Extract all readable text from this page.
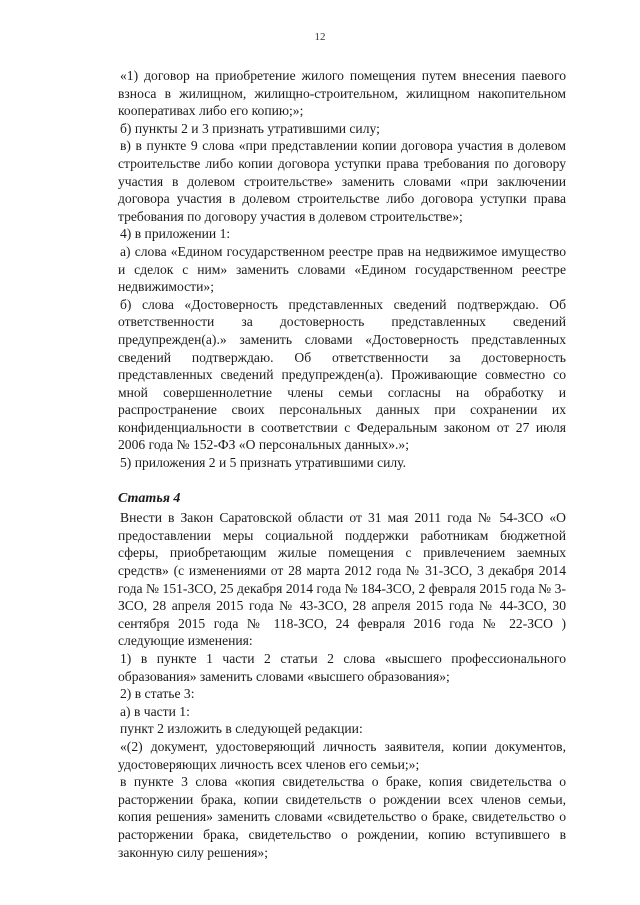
12

«1) договор на приобретение жилого помещения путем внесения паевого взноса в жилищном, жилищно-строительном, жилищном накопительном кооперативах либо его копию;»;

б) пункты 2 и 3 признать утратившими силу;

в) в пункте 9 слова «при представлении копии договора участия в долевом строительстве либо копии договора уступки права требования по договору участия в долевом строительстве» заменить словами «при заключении договора участия в долевом строительстве либо договора уступки права требования по договору участия в долевом строительстве»;

4) в приложении 1:

а) слова «Едином государственном реестре прав на недвижимое имущество и сделок с ним» заменить словами «Едином государственном реестре недвижимости»;

б) слова «Достоверность представленных сведений подтверждаю. Об ответственности за достоверность представленных сведений предупрежден(а).» заменить словами «Достоверность представленных сведений подтверждаю. Об ответственности за достоверность представленных сведений предупрежден(а). Проживающие совместно со мной совершеннолетние члены семьи согласны на обработку и распространение своих персональных данных при сохранении их конфиденциальности в соответствии с Федеральным законом от 27 июля 2006 года № 152-ФЗ «О персональных данных».»;

5) приложения 2 и 5 признать утратившими силу.

Статья 4

Внести в Закон Саратовской области от 31 мая 2011 года № 54-ЗСО «О предоставлении меры социальной поддержки работникам бюджетной сферы, приобретающим жилые помещения с привлечением заемных средств» (с изменениями от 28 марта 2012 года № 31-ЗСО, 3 декабря 2014 года № 151-ЗСО, 25 декабря 2014 года № 184-ЗСО, 2 февраля 2015 года № 3-ЗСО, 28 апреля 2015 года № 43-ЗСО, 28 апреля 2015 года № 44-ЗСО, 30 сентября 2015 года № 118-ЗСО, 24 февраля 2016 года № 22-ЗСО ) следующие изменения:

1) в пункте 1 части 2 статьи 2 слова «высшего профессионального образования» заменить словами «высшего образования»;

2) в статье 3:

а) в части 1:

пункт 2 изложить в следующей редакции:

«(2) документ, удостоверяющий личность заявителя, копии документов, удостоверяющих личность всех членов его семьи;»;

в пункте 3 слова «копия свидетельства о браке, копия свидетельства о расторжении брака, копии свидетельств о рождении всех членов семьи, копия решения» заменить словами «свидетельство о браке, свидетельство о расторжении брака, свидетельство о рождении, копию вступившего в законную силу решения»;
